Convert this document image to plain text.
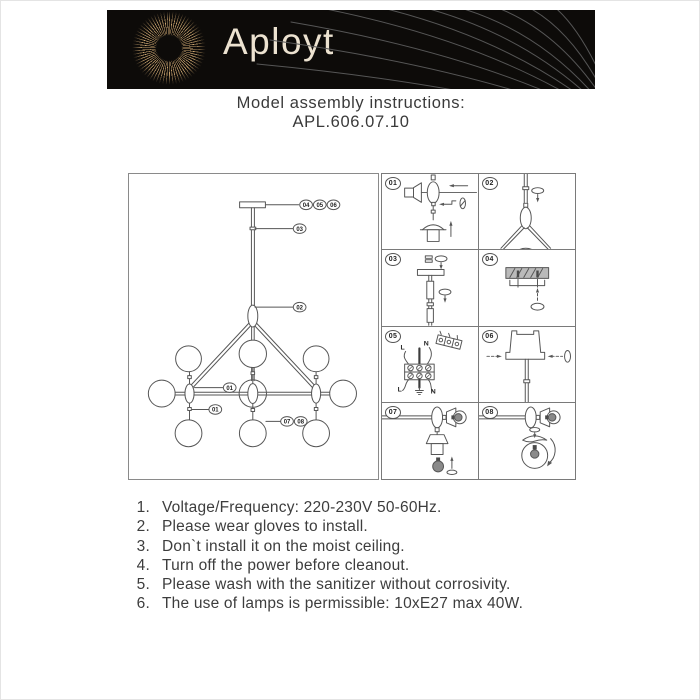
Aployt
Model assembly instructions:
APL.606.07.10
04 05 06
03
02
01
01
07 08
01	02
03	04
05
L
N
L	N
06
07	08
1. Voltage/Frequency: 220-230V 50-60Hz.
2. Please wear gloves to install.
3. Don`t install it on the moist ceiling.
4. Turn off the power before cleanout.
5. Please wash with the sanitizer without corrosivity.
6. The use of lamps is permissible: 10xE27 max 40W.
